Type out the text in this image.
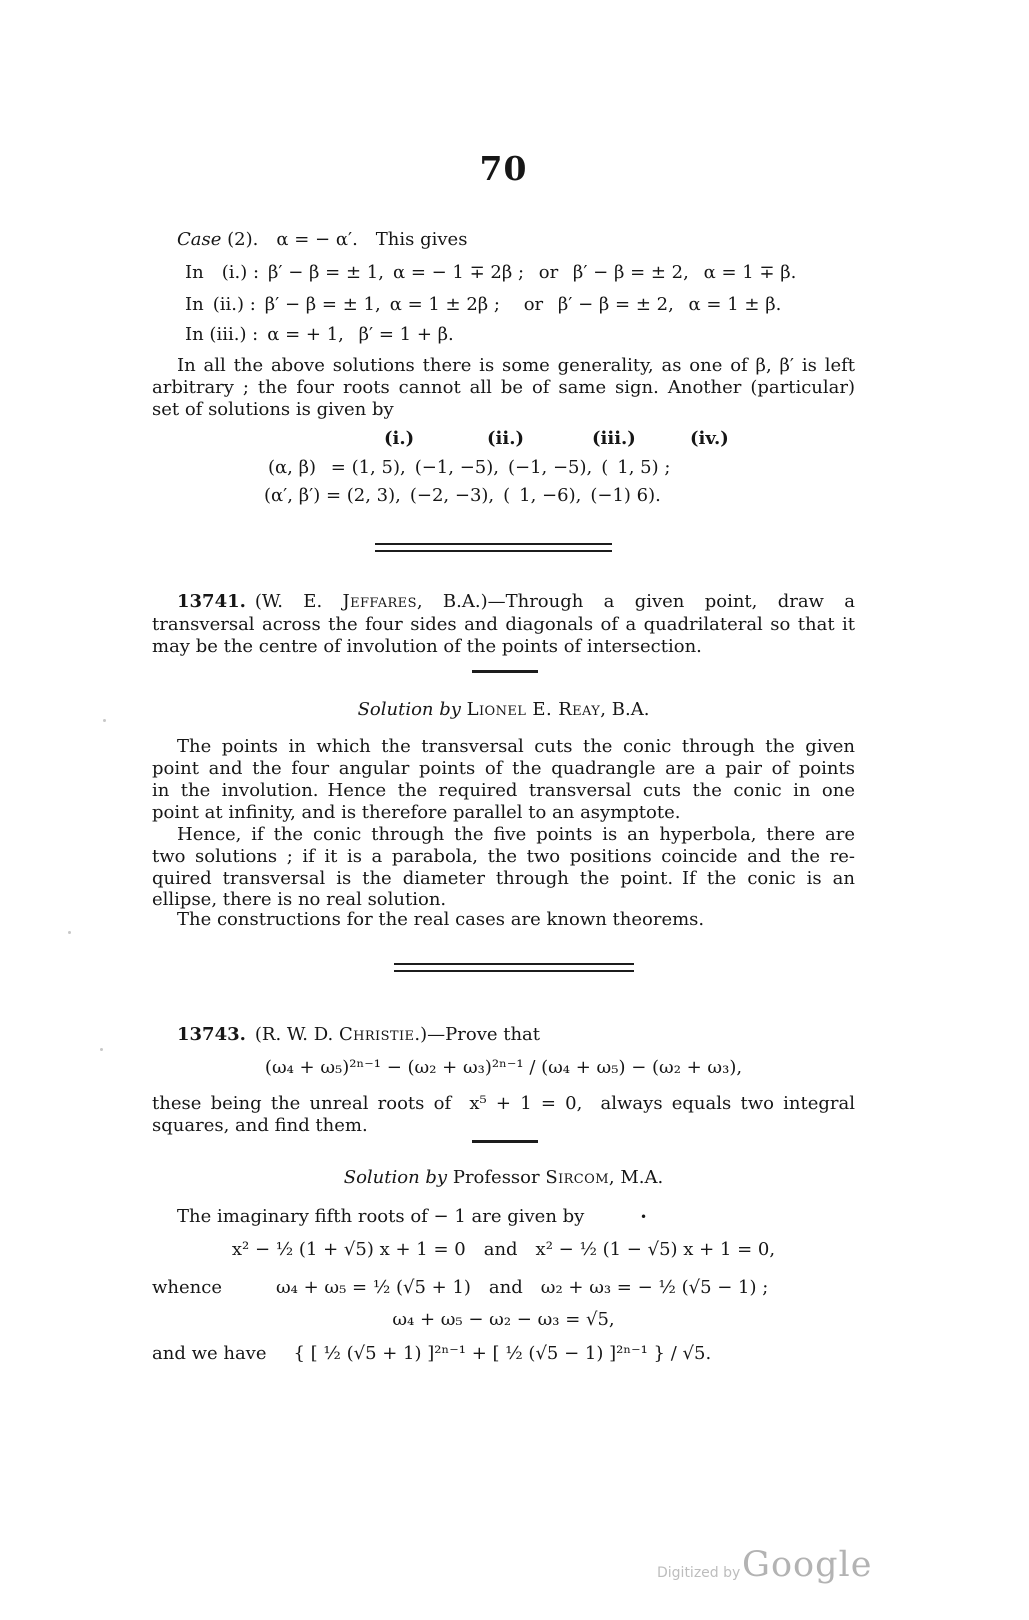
70
Case (2). α = − α′. This gives
In (i.) : β′ − β = ± 1, α = − 1 ∓ 2β ;  or  β′ − β = ± 2,  α = 1 ∓ β.
In (ii.) : β′ − β = ± 1, α = 1 ± 2β ;  or  β′ − β = ± 2,  α = 1 ± β.
In (iii.) : α = + 1,  β′ = 1 + β.
In all the above solutions there is some generality, as one of β, β′ is left
arbitrary ; the four roots cannot all be of same sign. Another (particular)
set of solutions is given by
(i.)	(ii.)	(iii.)	(iv.)
(α, β)  = (1, 5), (−1, −5), (−1, −5), ( 1, 5) ;
(α′, β′) = (2, 3), (−2, −3), ( 1, −6), (−1) 6).
13741. (W. E. Jeffares, B.A.)—Through a given point, draw a
transversal across the four sides and diagonals of a quadrilateral so that it
may be the centre of involution of the points of intersection.
Solution by Lionel E. Reay, B.A.
The points in which the transversal cuts the conic through the given
point and the four angular points of the quadrangle are a pair of points
in the involution. Hence the required transversal cuts the conic in one
point at infinity, and is therefore parallel to an asymptote.
Hence, if the conic through the five points is an hyperbola, there are
two solutions ; if it is a parabola, the two positions coincide and the re-
quired transversal is the diameter through the point. If the conic is an
ellipse, there is no real solution.
The constructions for the real cases are known theorems.
13743. (R. W. D. Christie.)—Prove that
(ω₄ + ω₅)²ⁿ⁻¹ − (ω₂ + ω₃)²ⁿ⁻¹ / (ω₄ + ω₅) − (ω₂ + ω₃),
these being the unreal roots of  x⁵ + 1 = 0,  always equals two integral
squares, and find them.
Solution by Professor Sircom, M.A.
The imaginary fifth roots of − 1 are given by	•
x² − ½ (1 + √5) x + 1 = 0 and x² − ½ (1 − √5) x + 1 = 0,
whence   ω₄ + ω₅ = ½ (√5 + 1) and ω₂ + ω₃ = − ½ (√5 − 1) ;
ω₄ + ω₅ − ω₂ − ω₃ = √5,
and we have  { [ ½ (√5 + 1) ]²ⁿ⁻¹ + [ ½ (√5 − 1) ]²ⁿ⁻¹ } / √5.
Digitized by Google
